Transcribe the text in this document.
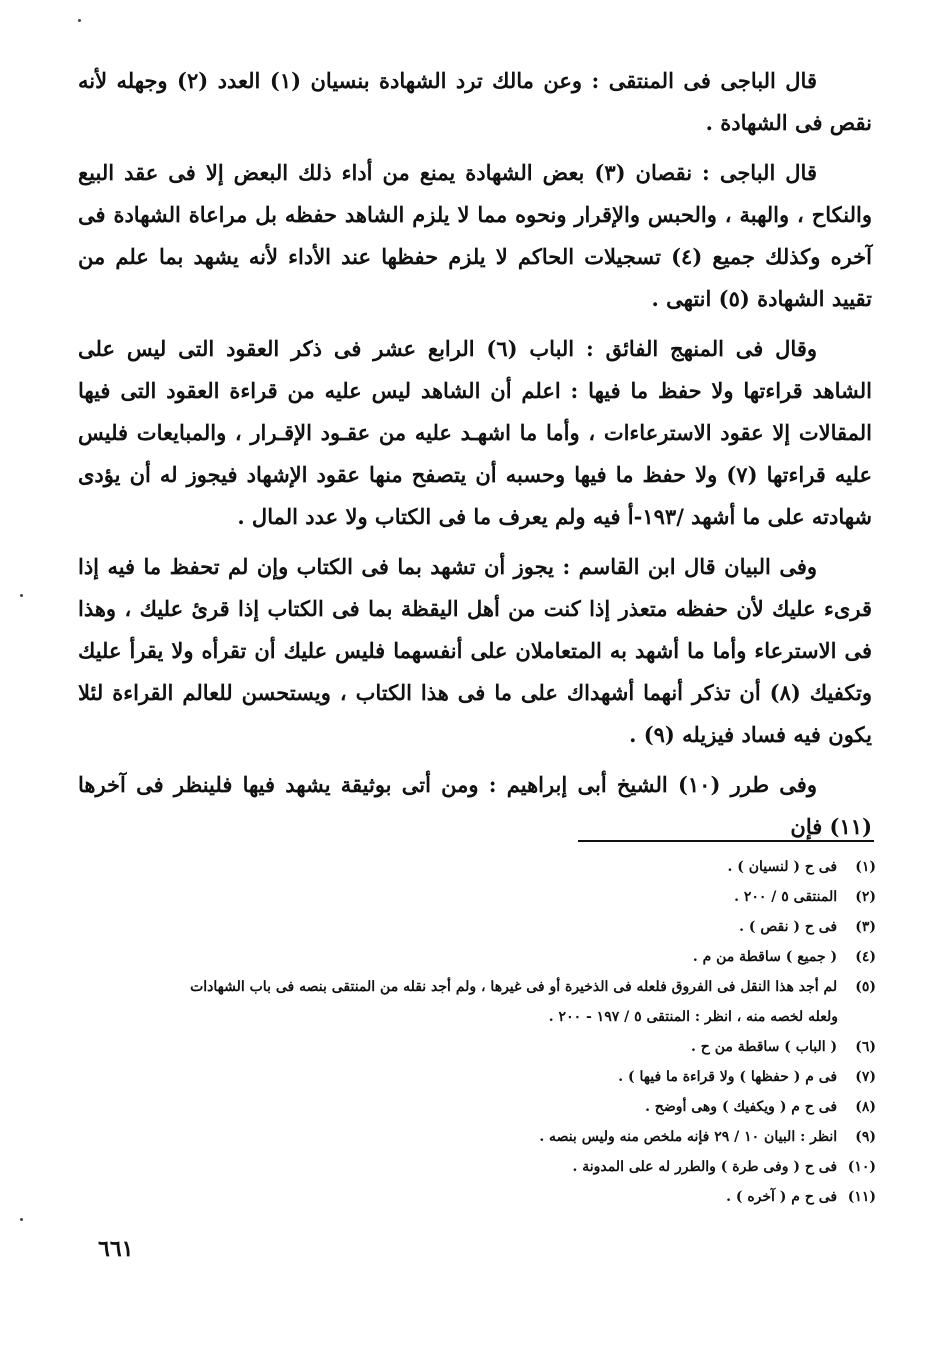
قال الباجى فى المنتقى : وعن مالك ترد الشهادة بنسيان (١) العدد (٢) وجهله لأنه نقص فى الشهادة .

قال الباجى : نقصان (٣) بعض الشهادة يمنع من أداء ذلك البعض إلا فى عقد البيع والنكاح ، والهبة ، والحبس والإقرار ونحوه مما لا يلزم الشاهد حفظه بل مراعاة الشهادة فى آخره وكذلك جميع (٤) تسجيلات الحاكم لا يلزم حفظها عند الأداء لأنه يشهد بما علم من تقييد الشهادة (٥) انتهى .

وقال فى المنهج الفائق : الباب (٦) الرابع عشر فى ذكر العقود التى ليس على الشاهد قراءتها ولا حفظ ما فيها : اعلم أن الشاهد ليس عليه من قراءة العقود التى فيها المقالات إلا عقود الاسترعاءات ، وأما ما اشهـد عليه من عقـود الإقـرار ، والمبايعات فليس عليه قراءتها (٧) ولا حفظ ما فيها وحسبه أن يتصفح منها عقود الإشهاد فيجوز له أن يؤدى شهادته على ما أشهد /١٩٣-أ فيه ولم يعرف ما فى الكتاب ولا عدد المال .

وفى البيان قال ابن القاسم : يجوز أن تشهد بما فى الكتاب وإن لم تحفظ ما فيه إذا قرىء عليك لأن حفظه متعذر إذا كنت من أهل اليقظة بما فى الكتاب إذا قرئ عليك ، وهذا فى الاسترعاء وأما ما أشهد به المتعاملان على أنفسهما فليس عليك أن تقرأه ولا يقرأ عليك وتكفيك (٨) أن تذكر أنهما أشهداك على ما فى هذا الكتاب ، ويستحسن للعالم القراءة لئلا يكون فيه فساد فيزيله (٩) .

وفى طرر (١٠) الشيخ أبى إبراهيم : ومن أتى بوثيقة يشهد فيها فلينظر فى آخرها (١١) فإن

(١) فى ح ( لنسيان ) .
(٢) المنتقى ٥ / ٢٠٠ .
(٣) فى ح ( نقص ) .
(٤) ( جميع ) ساقطة من م .
(٥) لم أجد هذا النقل فى الفروق فلعله فى الذخيرة أو فى غيرها ، ولم أجد نقله من المنتقى بنصه فى باب الشهادات
ولعله لخصه منه ، انظر : المنتقى ٥ / ١٩٧ - ٢٠٠ .
(٦) ( الباب ) ساقطة من ح .
(٧) فى م ( حفظها ) ولا قراءة ما فيها ) .
(٨) فى ح م ( ويكفيك ) وهى أوضح .
(٩) انظر : البيان ١٠ / ٢٩ فإنه ملخص منه وليس بنصه .
(١٠) فى ح ( وفى طرة ) والطرر له على المدونة .
(١١) فى ح م ( آخره ) .
٦٦١
